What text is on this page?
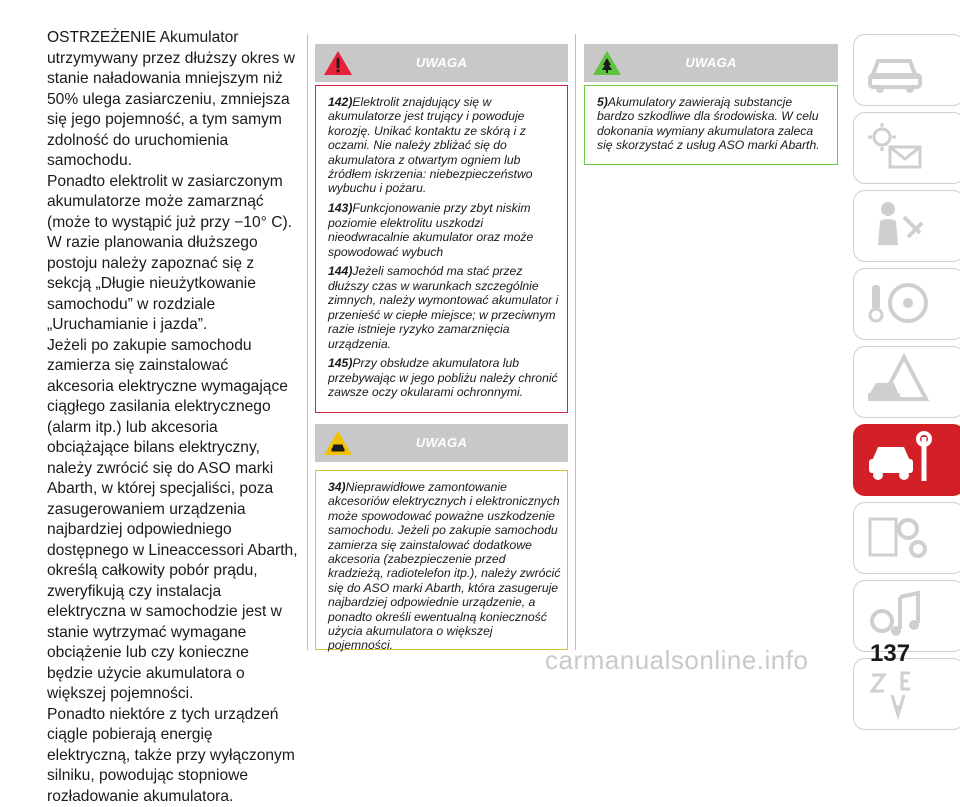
OSTRZEŻENIE Akumulator utrzymywany przez dłuższy okres w stanie naładowania mniejszym niż 50% ulega zasiarczeniu, zmniejsza się jego pojemność, a tym samym zdolność do uruchomienia samochodu.

Ponadto elektrolit w zasiarczonym akumulatorze może zamarznąć (może to wystąpić już przy −10° C). W razie planowania dłuższego postoju należy zapoznać się z sekcją „Długie nieużytkowanie samochodu” w rozdziale „Uruchamianie i jazda”.

Jeżeli po zakupie samochodu zamierza się zainstalować akcesoria elektryczne wymagające ciągłego zasilania elektrycznego (alarm itp.) lub akcesoria obciążające bilans elektryczny, należy zwrócić się do ASO marki Abarth, w której specjaliści, poza zasugerowaniem urządzenia najbardziej odpowiedniego dostępnego w Lineaccessori Abarth, określą całkowity pobór prądu, zweryfikują czy instalacja elektryczna w samochodzie jest w stanie wytrzymać wymagane obciążenie lub czy konieczne będzie użycie akumulatora o większej pojemności.

Ponadto niektóre z tych urządzeń ciągle pobierają energię elektryczną, także przy wyłączonym silniku, powodując stopniowe rozładowanie akumulatora.

UWAGA

142)Elektrolit znajdujący się w akumulatorze jest trujący i powoduje korozję. Unikać kontaktu ze skórą i z oczami. Nie należy zbliżać się do akumulatora z otwartym ogniem lub źródłem iskrzenia: niebezpieczeństwo wybuchu i pożaru.

143)Funkcjonowanie przy zbyt niskim poziomie elektrolitu uszkodzi nieodwracalnie akumulator oraz może spowodować wybuch

144)Jeżeli samochód ma stać przez dłuższy czas w warunkach szczególnie zimnych, należy wymontować akumulator i przenieść w ciepłe miejsce; w przeciwnym razie istnieje ryzyko zamarznięcia urządzenia.

145)Przy obsłudze akumulatora lub przebywając w jego pobliżu należy chronić zawsze oczy okularami ochronnymi.

UWAGA

34)Nieprawidłowe zamontowanie akcesoriów elektrycznych i elektronicznych może spowodować poważne uszkodzenie samochodu. Jeżeli po zakupie samochodu zamierza się zainstalować dodatkowe akcesoria (zabezpieczenie przed kradzieżą, radiotelefon itp.), należy zwrócić się do ASO marki Abarth, która zasugeruje najbardziej odpowiednie urządzenie, a ponadto określi ewentualną konieczność użycia akumulatora o większej pojemności.

UWAGA

5)Akumulatory zawierają substancje bardzo szkodliwe dla środowiska. W celu dokonania wymiany akumulatora zaleca się skorzystać z usług ASO marki Abarth.

carmanualsonline.info	137
